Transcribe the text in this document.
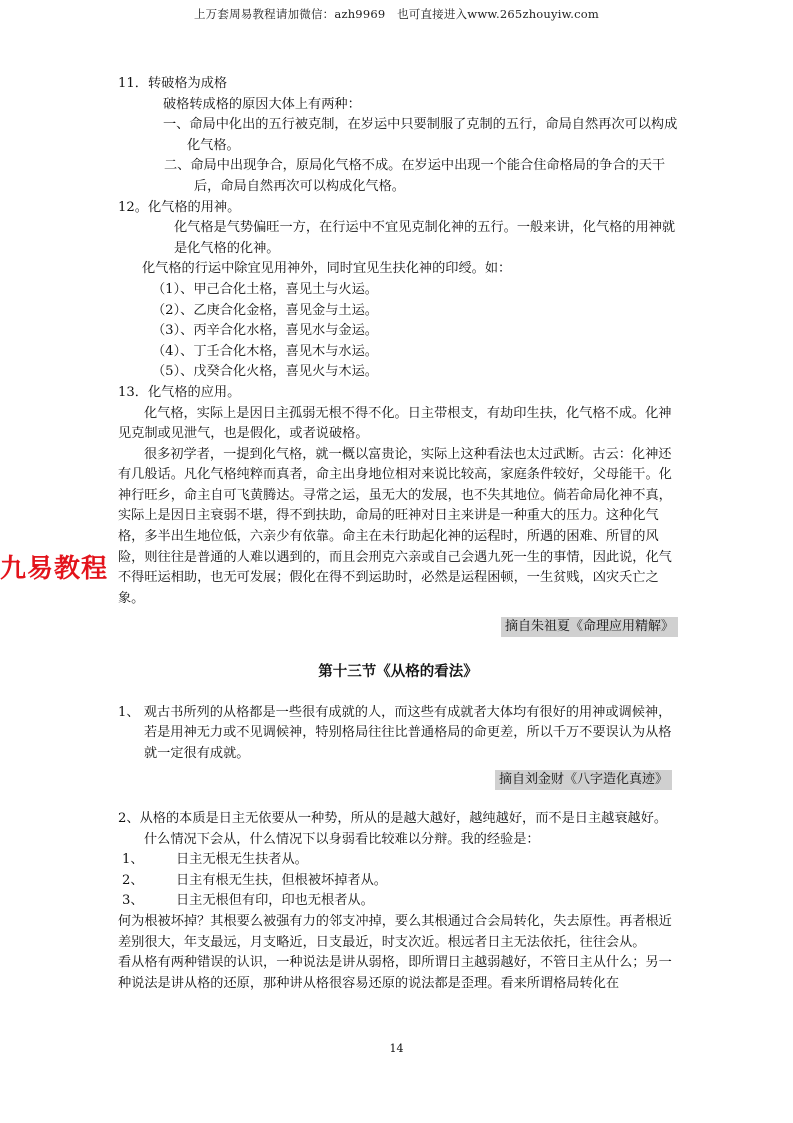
上万套周易教程请加微信：azh9969　也可直接进入www.265zhouyiw.com
九易教程

11．转破格为成格

破格转成格的原因大体上有两种：

一、命局中化出的五行被克制，在岁运中只要制服了克制的五行，命局自然再次可以构成化气格。

二、命局中出现争合，原局化气格不成。在岁运中出现一个能合住命格局的争合的天干后，命局自然再次可以构成化气格。

12。化气格的用神。

化气格是气势偏旺一方，在行运中不宜见克制化神的五行。一般来讲，化气格的用神就是化气格的化神。

化气格的行运中除宜见用神外，同时宜见生扶化神的印绶。如：

（1）、甲己合化土格，喜见土与火运。

（2）、乙庚合化金格，喜见金与土运。

（3）、丙辛合化水格，喜见水与金运。

（4）、丁壬合化木格，喜见木与水运。

（5）、戊癸合化火格，喜见火与木运。

13．化气格的应用。

化气格，实际上是因日主孤弱无根不得不化。日主带根支，有劫印生扶，化气格不成。化神见克制或见泄气，也是假化，或者说破格。

很多初学者，一提到化气格，就一概以富贵论，实际上这种看法也太过武断。古云：化神还有几般话。凡化气格纯粹而真者，命主出身地位相对来说比较高，家庭条件较好，父母能干。化神行旺乡，命主自可飞黄腾达。寻常之运，虽无大的发展，也不失其地位。倘若命局化神不真，实际上是因日主衰弱不堪，得不到扶助，命局的旺神对日主来讲是一种重大的压力。这种化气格，多半出生地位低，六亲少有依靠。命主在未行助起化神的运程时，所遇的困难、所冒的风险，则往往是普通的人难以遇到的，而且会刑克六亲或自己会遇九死一生的事情，因此说，化气不得旺运相助，也无可发展；假化在得不到运助时，必然是运程困顿，一生贫贱，凶灾夭亡之象。

摘自朱祖夏《命理应用精解》
第十三节《从格的看法》

1、 观古书所列的从格都是一些很有成就的人，而这些有成就者大体均有很好的用神或调候神，若是用神无力或不见调候神，特别格局往往比普通格局的命更差，所以千万不要误认为从格就一定很有成就。

摘自刘金财《八字造化真迹》

2、从格的本质是日主无依要从一种势，所从的是越大越好，越纯越好，而不是日主越衰越好。什么情况下会从，什么情况下以身弱看比较难以分辩。我的经验是：

1、 日主无根无生扶者从。

2、 日主有根无生扶，但根被坏掉者从。

3、 日主无根但有印，印也无根者从。

何为根被坏掉？其根要么被强有力的邻支冲掉，要么其根通过合会局转化，失去原性。再者根近差别很大，年支最远，月支略近，日支最近，时支次近。根远者日主无法依托，往往会从。

看从格有两种错误的认识，一种说法是讲从弱格，即所谓日主越弱越好，不管日主从什么；另一种说法是讲从格的还原，那种讲从格很容易还原的说法都是歪理。看来所谓格局转化在

14
